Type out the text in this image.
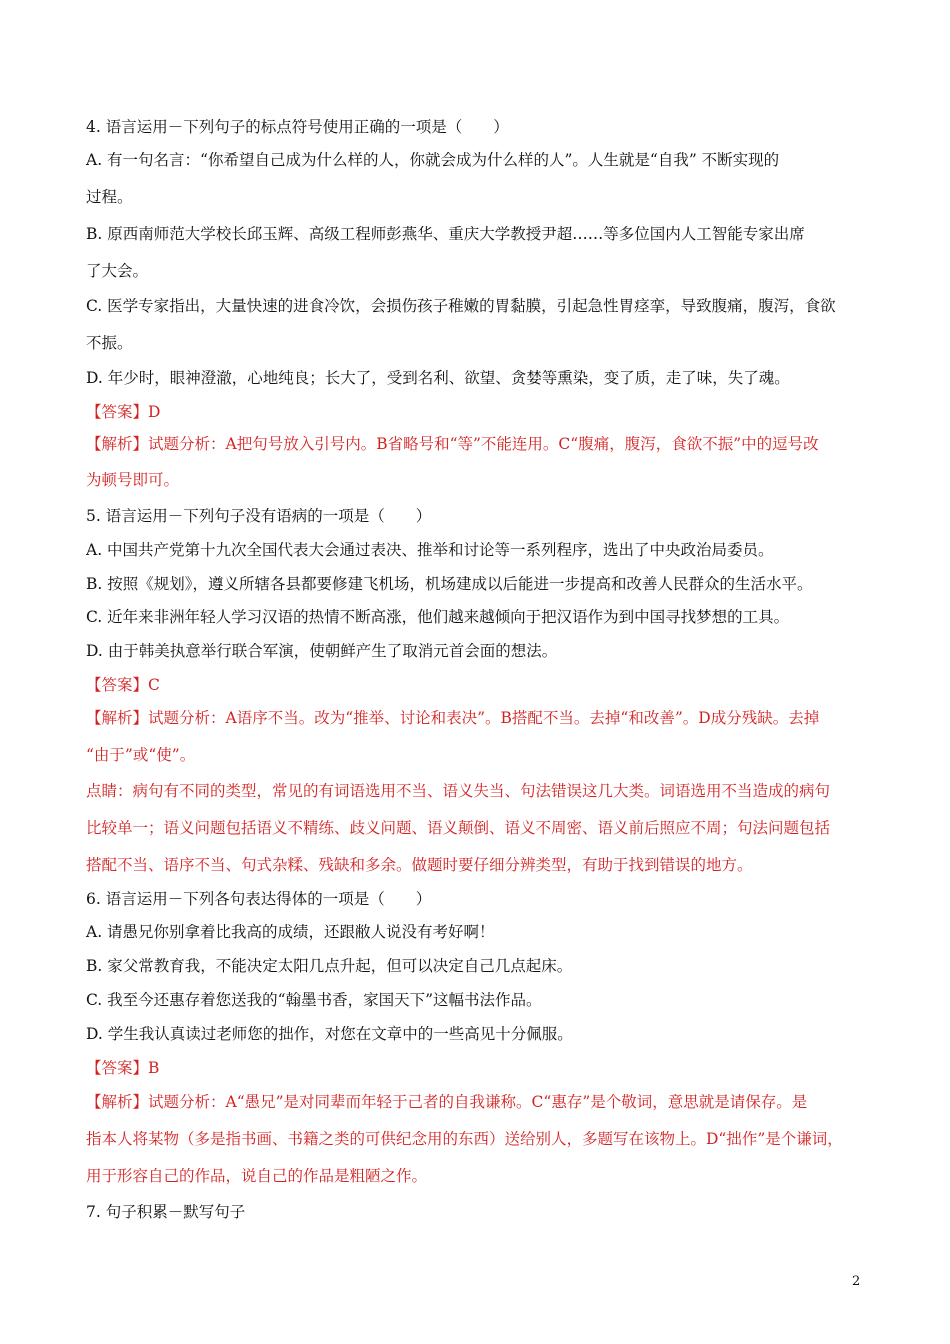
4. 语言运用－下列句子的标点符号使用正确的一项是（　　）
A. 有一句名言：“你希望自己成为什么样的人，你就会成为什么样的人”。人生就是“自我” 不断实现的
过程。
B. 原西南师范大学校长邱玉辉、高级工程师彭燕华、重庆大学教授尹超……等多位国内人工智能专家出席
了大会。
C. 医学专家指出，大量快速的进食冷饮，会损伤孩子稚嫩的胃黏膜，引起急性胃痉挛，导致腹痛，腹泻，食欲
不振。
D. 年少时，眼神澄澈，心地纯良；长大了，受到名利、欲望、贪婪等熏染，变了质，走了味，失了魂。
【答案】D
【解析】试题分析：A把句号放入引号内。B省略号和“等”不能连用。C“腹痛，腹泻，食欲不振”中的逗号改
为顿号即可。
5. 语言运用－下列句子没有语病的一项是（　　）
A. 中国共产党第十九次全国代表大会通过表决、推举和讨论等一系列程序，选出了中央政治局委员。
B. 按照《规划》，遵义所辖各县都要修建飞机场，机场建成以后能进一步提高和改善人民群众的生活水平。
C. 近年来非洲年轻人学习汉语的热情不断高涨，他们越来越倾向于把汉语作为到中国寻找梦想的工具。
D. 由于韩美执意举行联合军演，使朝鲜产生了取消元首会面的想法。
【答案】C
【解析】试题分析：A语序不当。改为“推举、讨论和表决”。B搭配不当。去掉“和改善”。D成分残缺。去掉
“由于”或“使”。
点睛：病句有不同的类型，常见的有词语选用不当、语义失当、句法错误这几大类。词语选用不当造成的病句
比较单一；语义问题包括语义不精练、歧义问题、语义颠倒、语义不周密、语义前后照应不周；句法问题包括
搭配不当、语序不当、句式杂糅、残缺和多余。做题时要仔细分辨类型，有助于找到错误的地方。
6. 语言运用－下列各句表达得体的一项是（　　）
A. 请愚兄你别拿着比我高的成绩，还跟敝人说没有考好啊！
B. 家父常教育我，不能决定太阳几点升起，但可以决定自己几点起床。
C. 我至今还惠存着您送我的“翰墨书香，家国天下”这幅书法作品。
D. 学生我认真读过老师您的拙作，对您在文章中的一些高见十分佩服。
【答案】B
【解析】试题分析：A“愚兄”是对同辈而年轻于己者的自我谦称。C“惠存”是个敬词，意思就是请保存。是
指本人将某物（多是指书画、书籍之类的可供纪念用的东西）送给别人，多题写在该物上。D“拙作”是个谦词，
用于形容自己的作品，说自己的作品是粗陋之作。
7. 句子积累－默写句子
2
